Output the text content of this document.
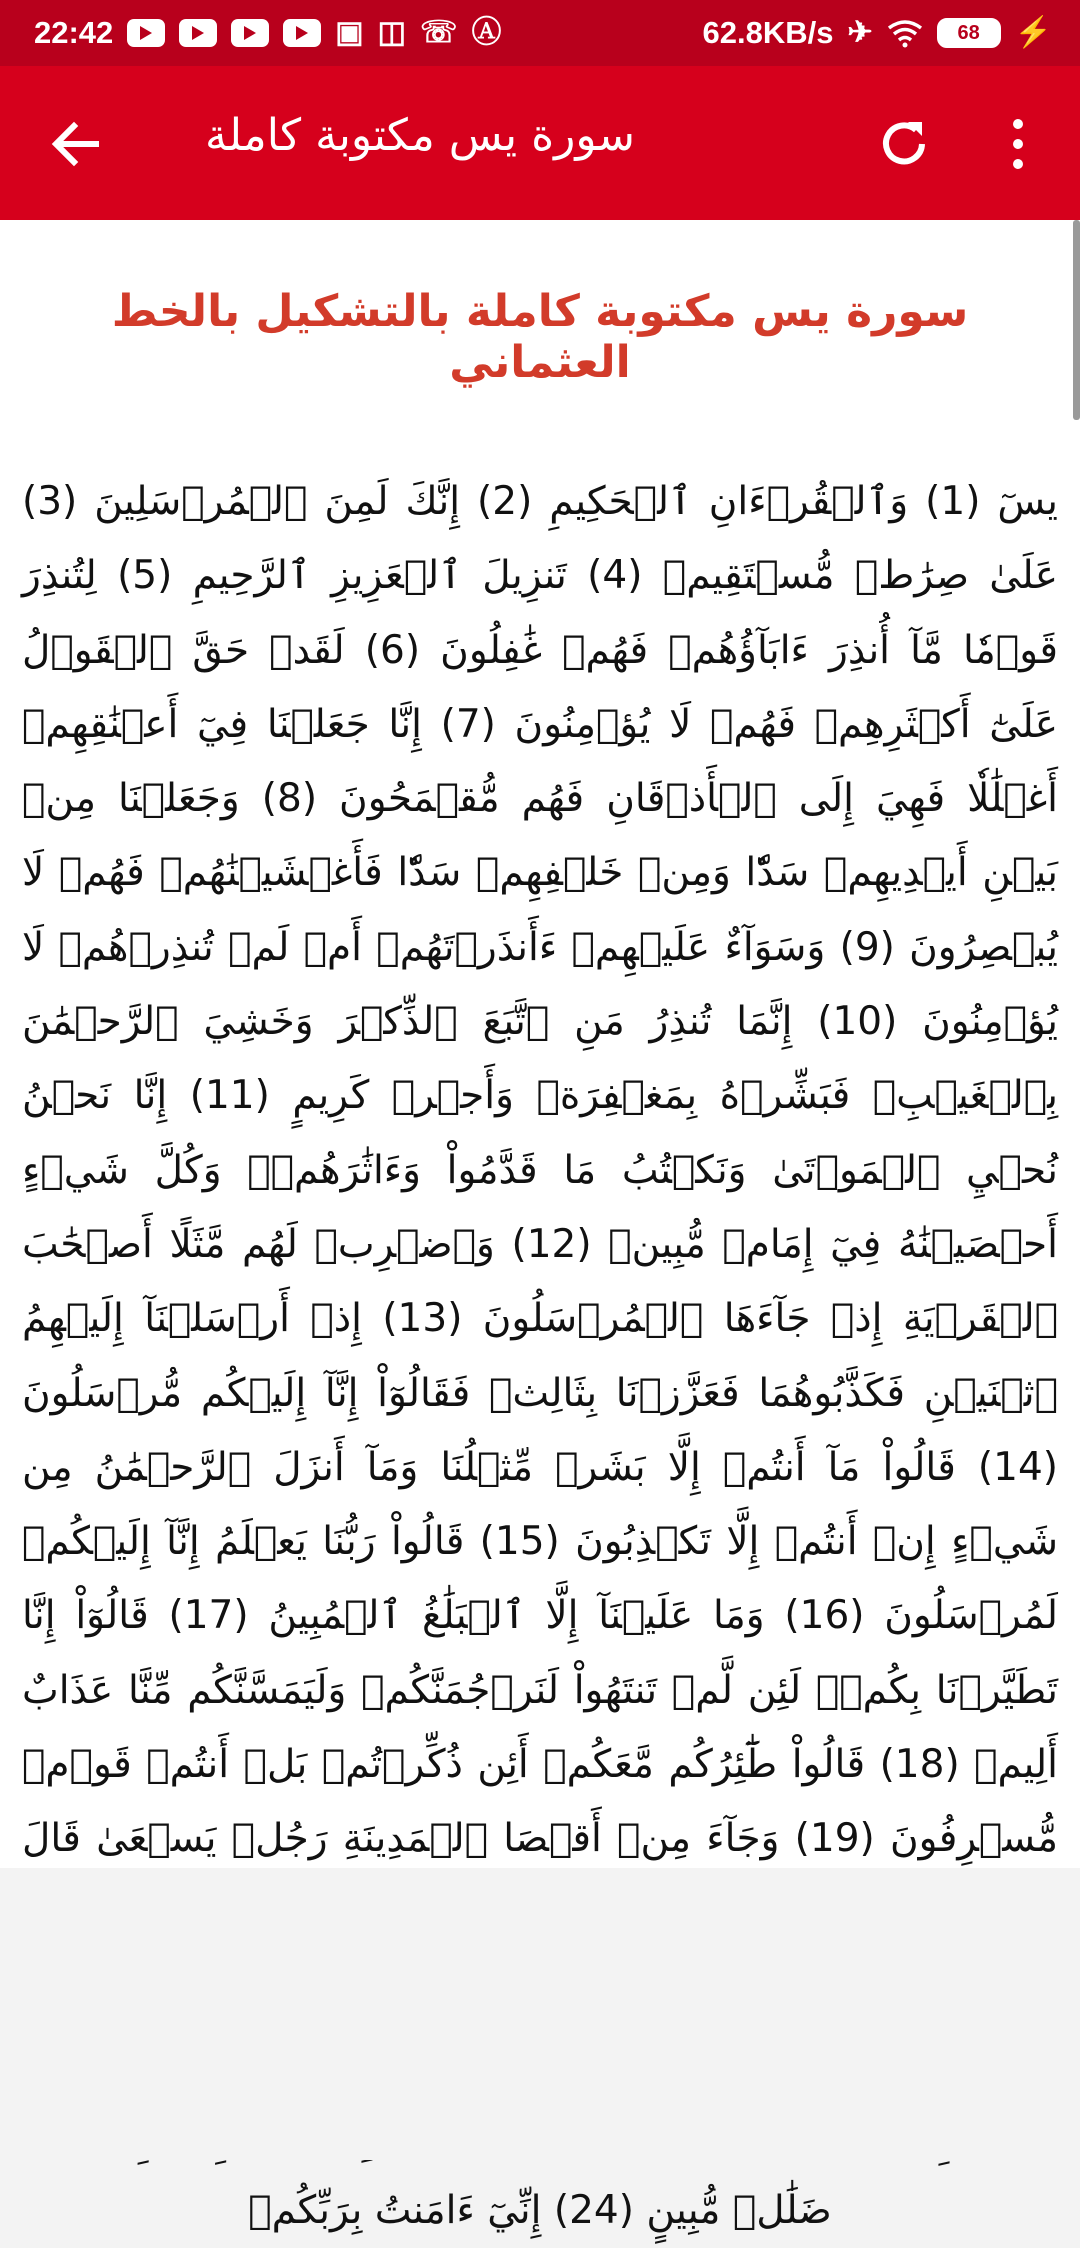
22:42	▣ ◫ ☏ Ⓐ	62.8KB/s ✈	68 ⚡
سورة يس مكتوبة كاملة
سورة يس مكتوبة كاملة بالتشكيل بالخط العثماني

يسٓ (1) وَٱلۡقُرۡءَانِ ٱلۡحَكِيمِ (2) إِنَّكَ لَمِنَ ٱلۡمُرۡسَلِينَ (3) عَلَىٰ صِرَٰطٖ مُّسۡتَقِيمٖ (4) تَنزِيلَ ٱلۡعَزِيزِ ٱلرَّحِيمِ (5) لِتُنذِرَ قَوۡمٗا مَّآ أُنذِرَ ءَابَآؤُهُمۡ فَهُمۡ غَٰفِلُونَ (6) لَقَدۡ حَقَّ ٱلۡقَوۡلُ عَلَىٰٓ أَكۡثَرِهِمۡ فَهُمۡ لَا يُؤۡمِنُونَ (7) إِنَّا جَعَلۡنَا فِيٓ أَعۡنَٰقِهِمۡ أَغۡلَٰلٗا فَهِيَ إِلَى ٱلۡأَذۡقَانِ فَهُم مُّقۡمَحُونَ (8) وَجَعَلۡنَا مِنۢ بَيۡنِ أَيۡدِيهِمۡ سَدّٗا وَمِنۡ خَلۡفِهِمۡ سَدّٗا فَأَغۡشَيۡنَٰهُمۡ فَهُمۡ لَا يُبۡصِرُونَ (9) وَسَوَآءٌ عَلَيۡهِمۡ ءَأَنذَرۡتَهُمۡ أَمۡ لَمۡ تُنذِرۡهُمۡ لَا يُؤۡمِنُونَ (10) إِنَّمَا تُنذِرُ مَنِ ٱتَّبَعَ ٱلذِّكۡرَ وَخَشِيَ ٱلرَّحۡمَٰنَ بِٱلۡغَيۡبِۖ فَبَشِّرۡهُ بِمَغۡفِرَةٖ وَأَجۡرٖ كَرِيمٍ (11) إِنَّا نَحۡنُ نُحۡيِ ٱلۡمَوۡتَىٰ وَنَكۡتُبُ مَا قَدَّمُواْ وَءَاثَٰرَهُمۡۚ وَكُلَّ شَيۡءٍ أَحۡصَيۡنَٰهُ فِيٓ إِمَامٖ مُّبِينٖ (12) وَٱضۡرِبۡ لَهُم مَّثَلًا أَصۡحَٰبَ ٱلۡقَرۡيَةِ إِذۡ جَآءَهَا ٱلۡمُرۡسَلُونَ (13) إِذۡ أَرۡسَلۡنَآ إِلَيۡهِمُ ٱثۡنَيۡنِ فَكَذَّبُوهُمَا فَعَزَّزۡنَا بِثَالِثٖ فَقَالُوٓاْ إِنَّآ إِلَيۡكُم مُّرۡسَلُونَ (14) قَالُواْ مَآ أَنتُمۡ إِلَّا بَشَرٞ مِّثۡلُنَا وَمَآ أَنزَلَ ٱلرَّحۡمَٰنُ مِن شَيۡءٍ إِنۡ أَنتُمۡ إِلَّا تَكۡذِبُونَ (15) قَالُواْ رَبُّنَا يَعۡلَمُ إِنَّآ إِلَيۡكُمۡ لَمُرۡسَلُونَ (16) وَمَا عَلَيۡنَآ إِلَّا ٱلۡبَلَٰغُ ٱلۡمُبِينُ (17) قَالُوٓاْ إِنَّا تَطَيَّرۡنَا بِكُمۡۖ لَئِن لَّمۡ تَنتَهُواْ لَنَرۡجُمَنَّكُمۡ وَلَيَمَسَّنَّكُم مِّنَّا عَذَابٌ أَلِيمٞ (18) قَالُواْ طَٰٓئِرُكُم مَّعَكُمۡ أَئِن ذُكِّرۡتُمۚ بَلۡ أَنتُمۡ قَوۡمٞ مُّسۡرِفُونَ (19) وَجَآءَ مِنۡ أَقۡصَا ٱلۡمَدِينَةِ رَجُلٞ يَسۡعَىٰ قَالَ ضَلَٰلٖ مُّبِينٍ (24) إِنِّيٓ ءَامَنتُ بِرَبِّكُمۡ
